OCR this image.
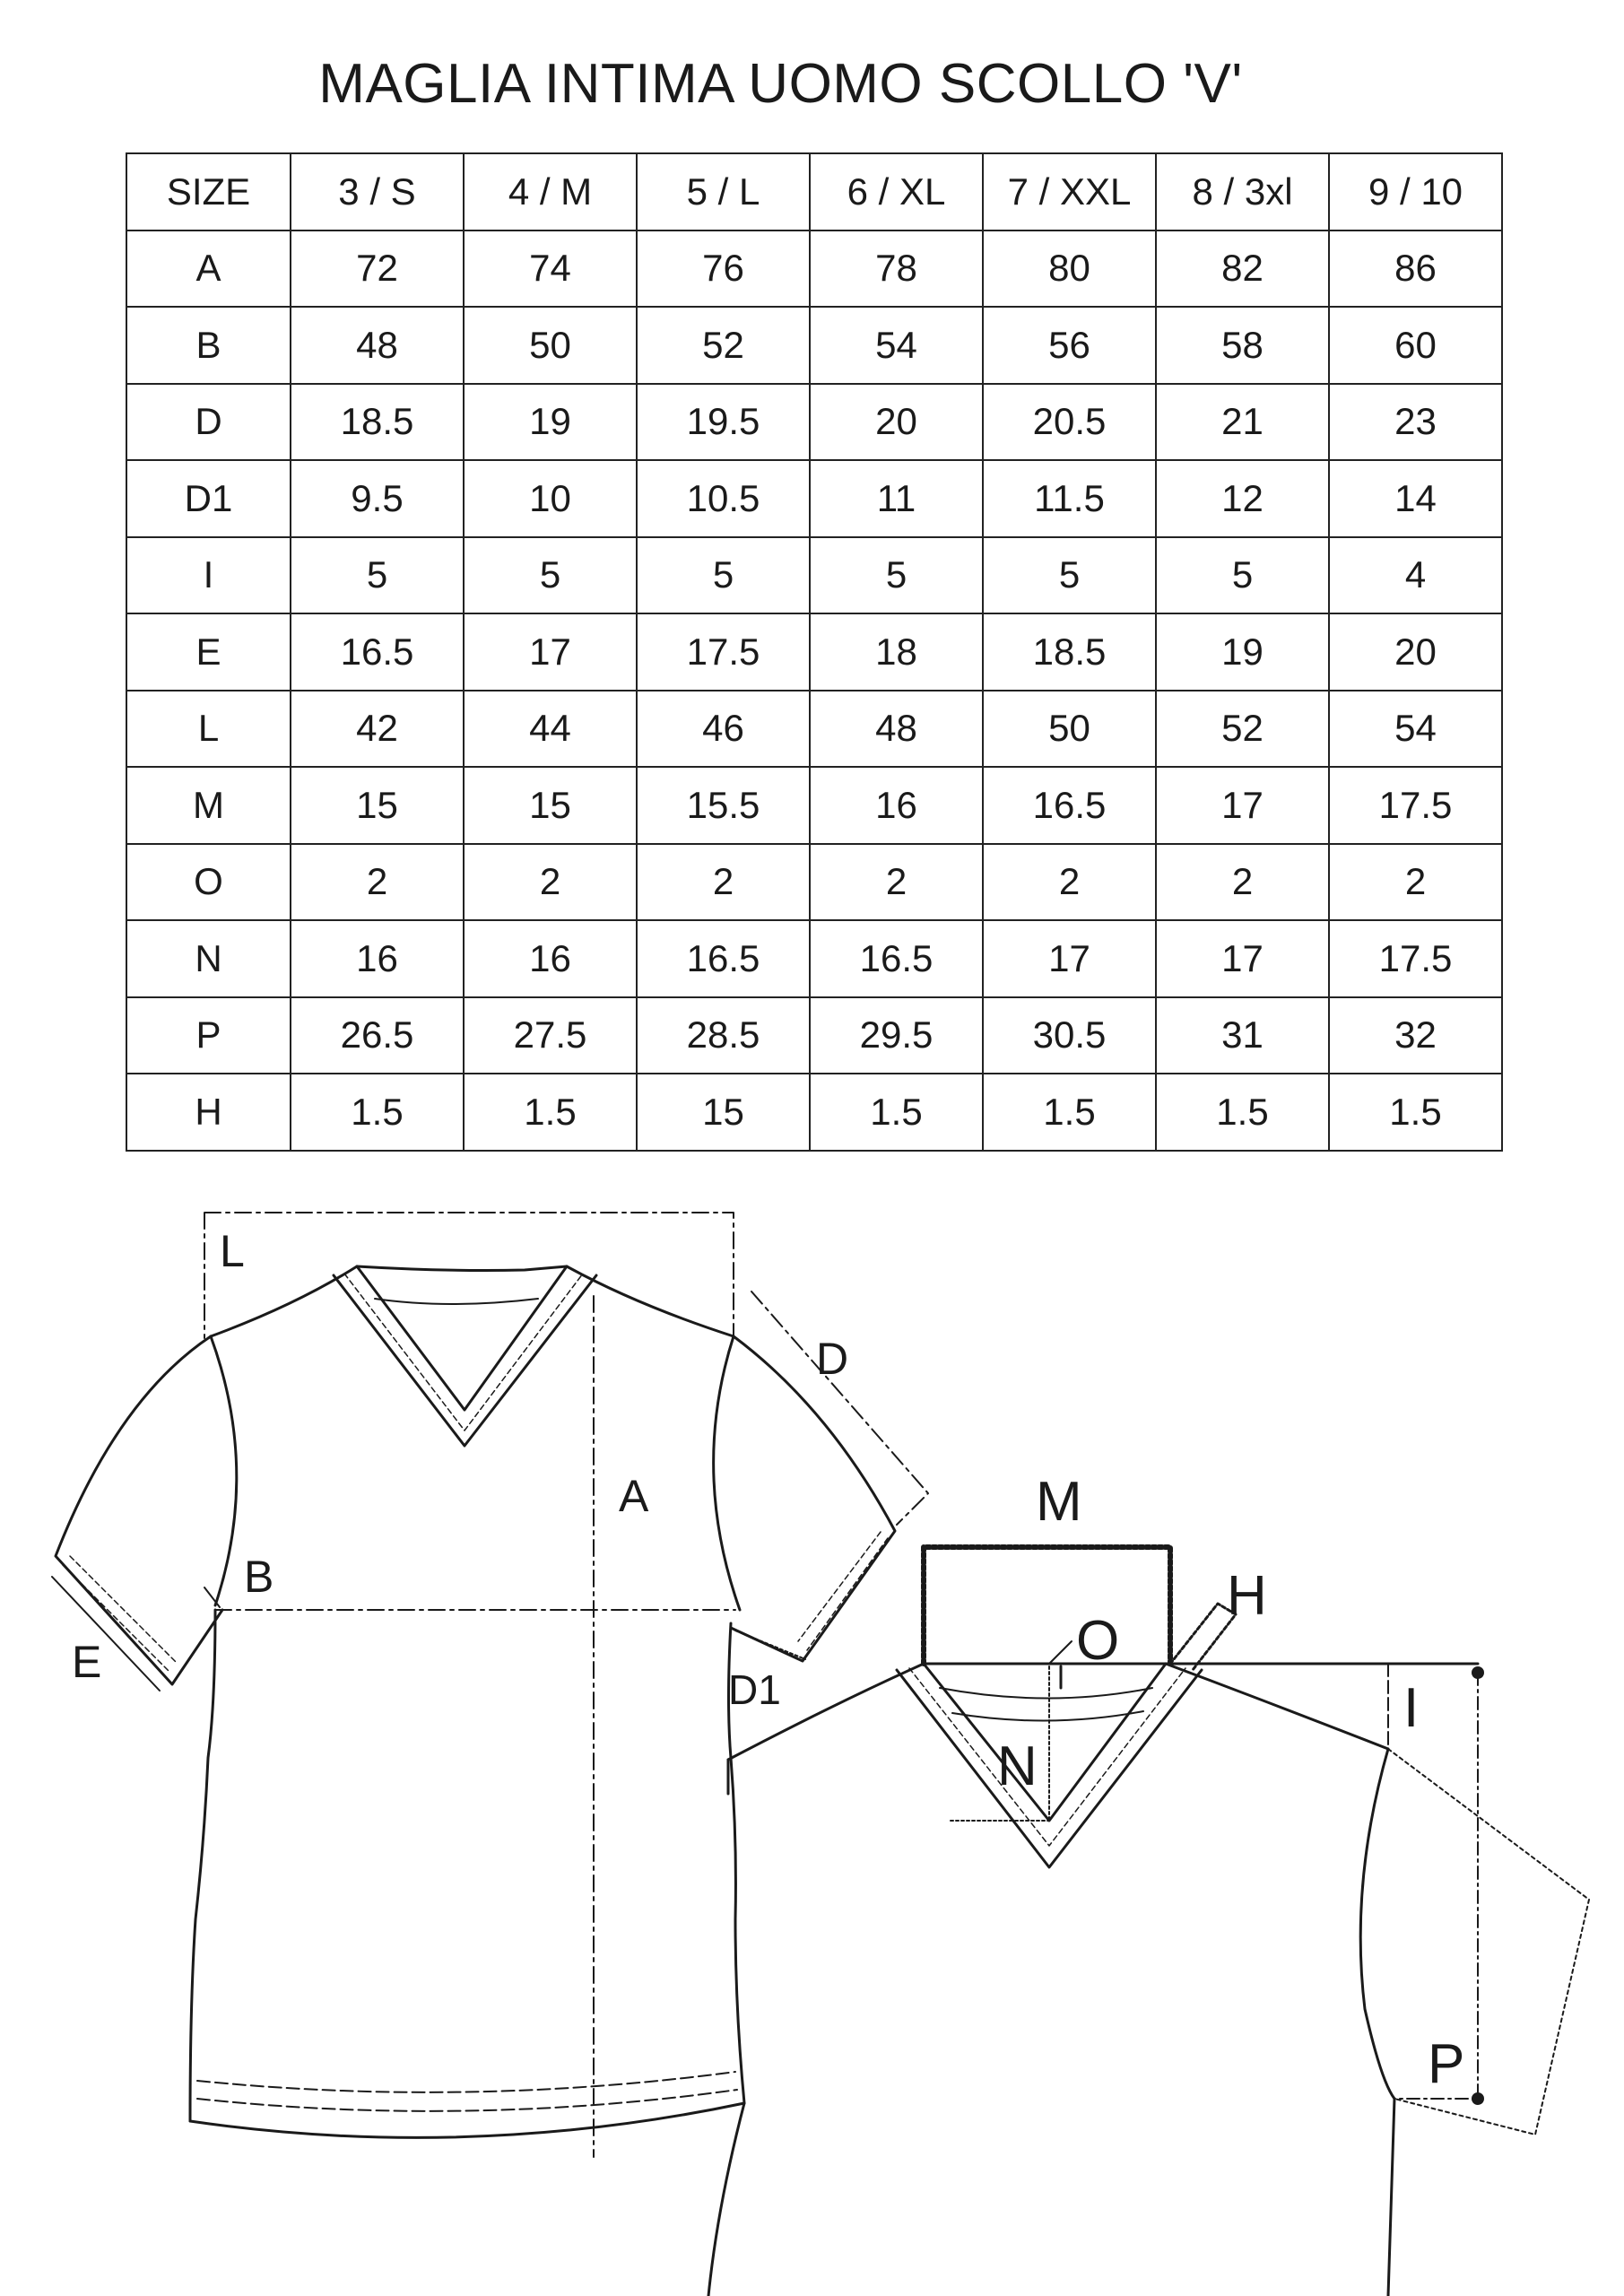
MAGLIA INTIMA UOMO SCOLLO 'V'
SIZE	3 / S	4 / M	5 / L	6 / XL	7 / XXL	8 / 3xl	9 / 10
A	72	74	76	78	80	82	86
B	48	50	52	54	56	58	60
D	18.5	19	19.5	20	20.5	21	23
D1	9.5	10	10.5	11	11.5	12	14
I	5	5	5	5	5	5	4
E	16.5	17	17.5	18	18.5	19	20
L	42	44	46	48	50	52	54
M	15	15	15.5	16	16.5	17	17.5
O	2	2	2	2	2	2	2
N	16	16	16.5	16.5	17	17	17.5
P	26.5	27.5	28.5	29.5	30.5	31	32
H	1.5	1.5	15	1.5	1.5	1.5	1.5
L
D
A
B
E
D1
M
H
O
N
I
P
